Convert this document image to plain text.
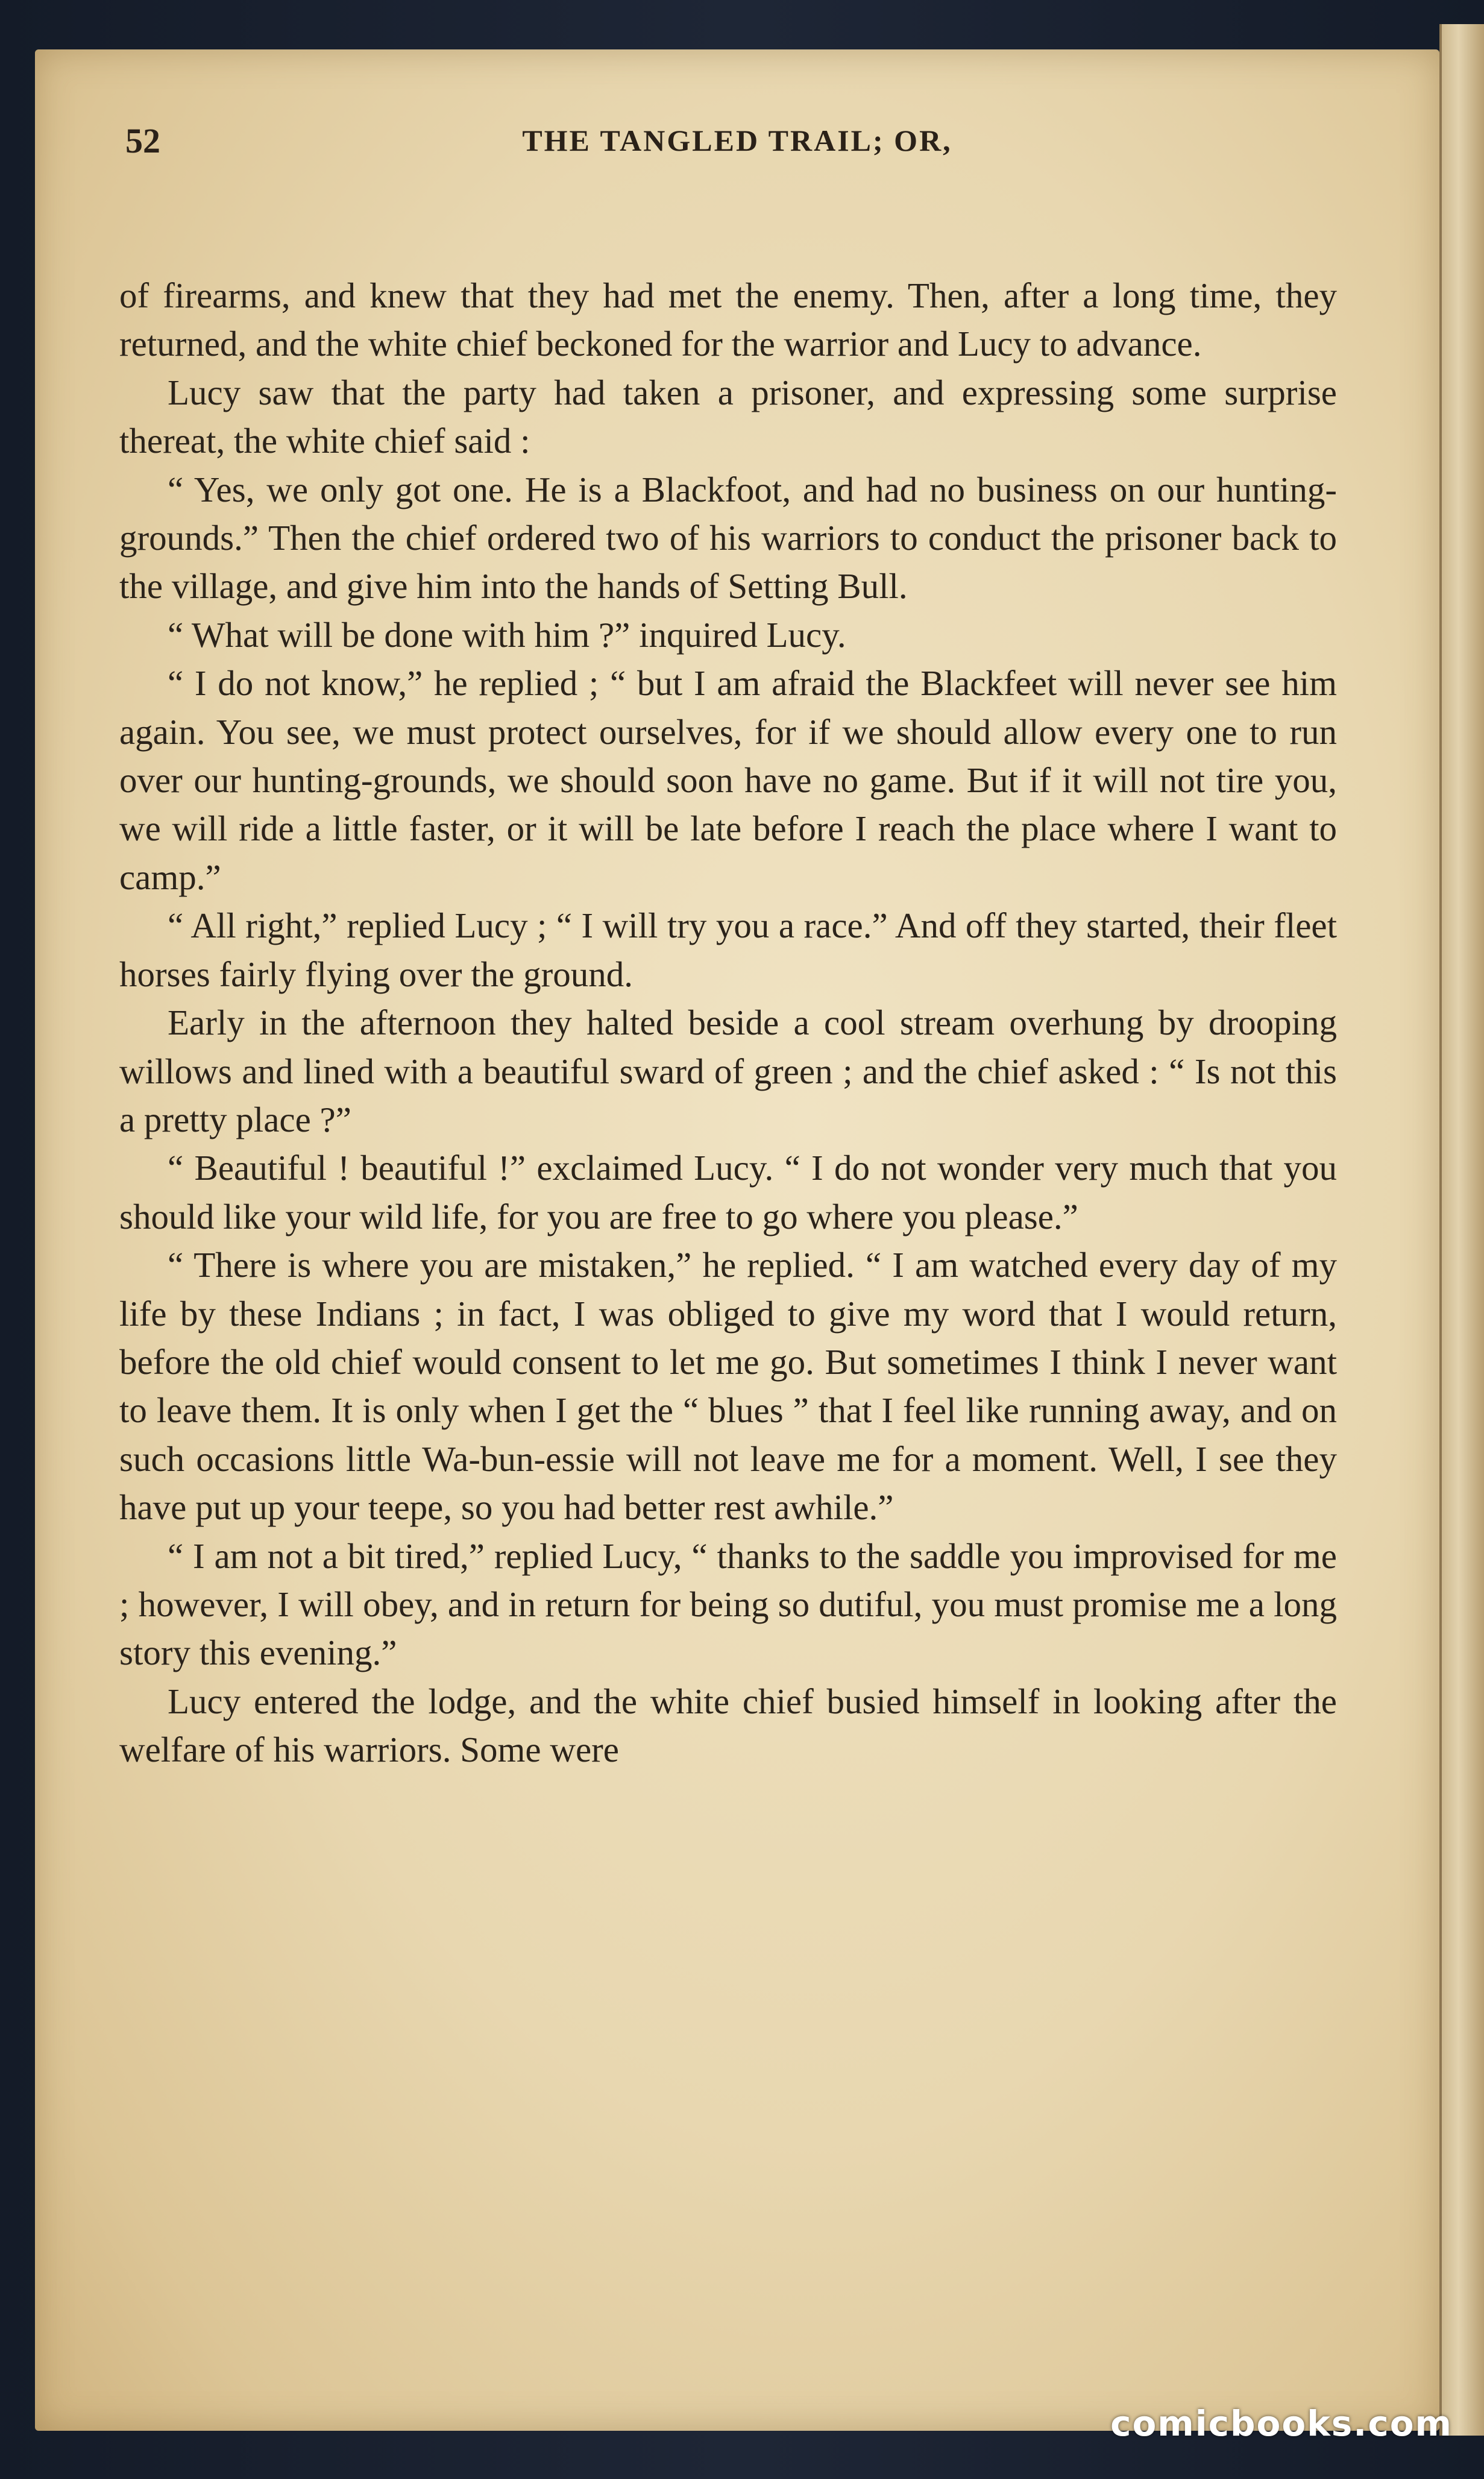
52	THE TANGLED TRAIL; OR,

of firearms, and knew that they had met the enemy. Then, after a long time, they returned, and the white chief beckoned for the warrior and Lucy to advance.

Lucy saw that the party had taken a prisoner, and expressing some surprise thereat, the white chief said :

“ Yes, we only got one. He is a Blackfoot, and had no business on our hunting-grounds.” Then the chief ordered two of his warriors to conduct the prisoner back to the village, and give him into the hands of Setting Bull.

“ What will be done with him ?” inquired Lucy.

“ I do not know,” he replied ; “ but I am afraid the Blackfeet will never see him again. You see, we must protect ourselves, for if we should allow every one to run over our hunting-grounds, we should soon have no game. But if it will not tire you, we will ride a little faster, or it will be late before I reach the place where I want to camp.”

“ All right,” replied Lucy ; “ I will try you a race.” And off they started, their fleet horses fairly flying over the ground.

Early in the afternoon they halted beside a cool stream overhung by drooping willows and lined with a beautiful sward of green ; and the chief asked : “ Is not this a pretty place ?”

“ Beautiful ! beautiful !” exclaimed Lucy. “ I do not wonder very much that you should like your wild life, for you are free to go where you please.”

“ There is where you are mistaken,” he replied. “ I am watched every day of my life by these Indians ; in fact, I was obliged to give my word that I would return, before the old chief would consent to let me go. But sometimes I think I never want to leave them. It is only when I get the “ blues ” that I feel like running away, and on such occasions little Wa-bun-essie will not leave me for a moment. Well, I see they have put up your teepe, so you had better rest awhile.”

“ I am not a bit tired,” replied Lucy, “ thanks to the saddle you improvised for me ; however, I will obey, and in return for being so dutiful, you must promise me a long story this evening.”

Lucy entered the lodge, and the white chief busied himself in looking after the welfare of his warriors. Some were

comicbooks.com
